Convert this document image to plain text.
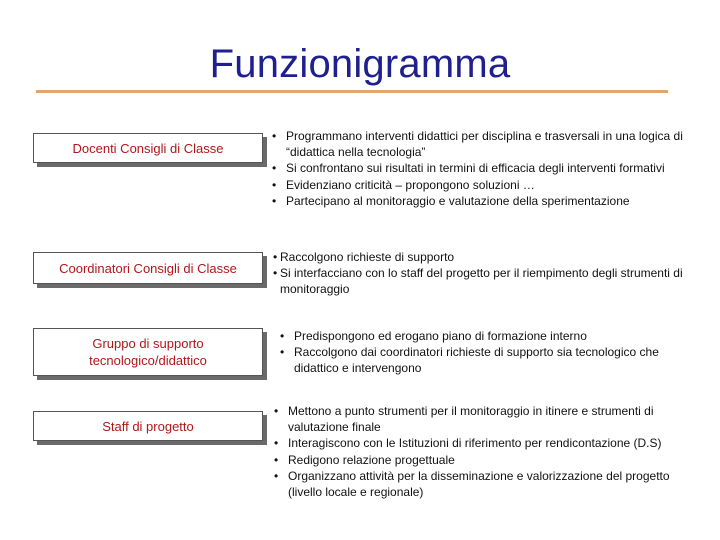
Funzionigramma
Docenti Consigli di Classe
• Programmano interventi didattici per disciplina e trasversali in una logica di “didattica nella tecnologia”
• Si confrontano sui risultati in termini di efficacia degli interventi formativi
• Evidenziano criticità – propongono soluzioni …
• Partecipano al monitoraggio e valutazione della sperimentazione
Coordinatori Consigli di Classe
• Raccolgono richieste di supporto
• Si interfacciano con lo staff del progetto per il riempimento degli strumenti di monitoraggio
Gruppo di supporto tecnologico/didattico
• Predispongono ed erogano piano di formazione interno
• Raccolgono dai coordinatori richieste di supporto sia tecnologico che didattico e intervengono
Staff di progetto
• Mettono a punto strumenti per il monitoraggio in itinere e strumenti di valutazione finale
• Interagiscono con le Istituzioni di riferimento per rendicontazione (D.S)
• Redigono relazione progettuale
• Organizzano attività per la disseminazione e valorizzazione del progetto (livello locale e regionale)
